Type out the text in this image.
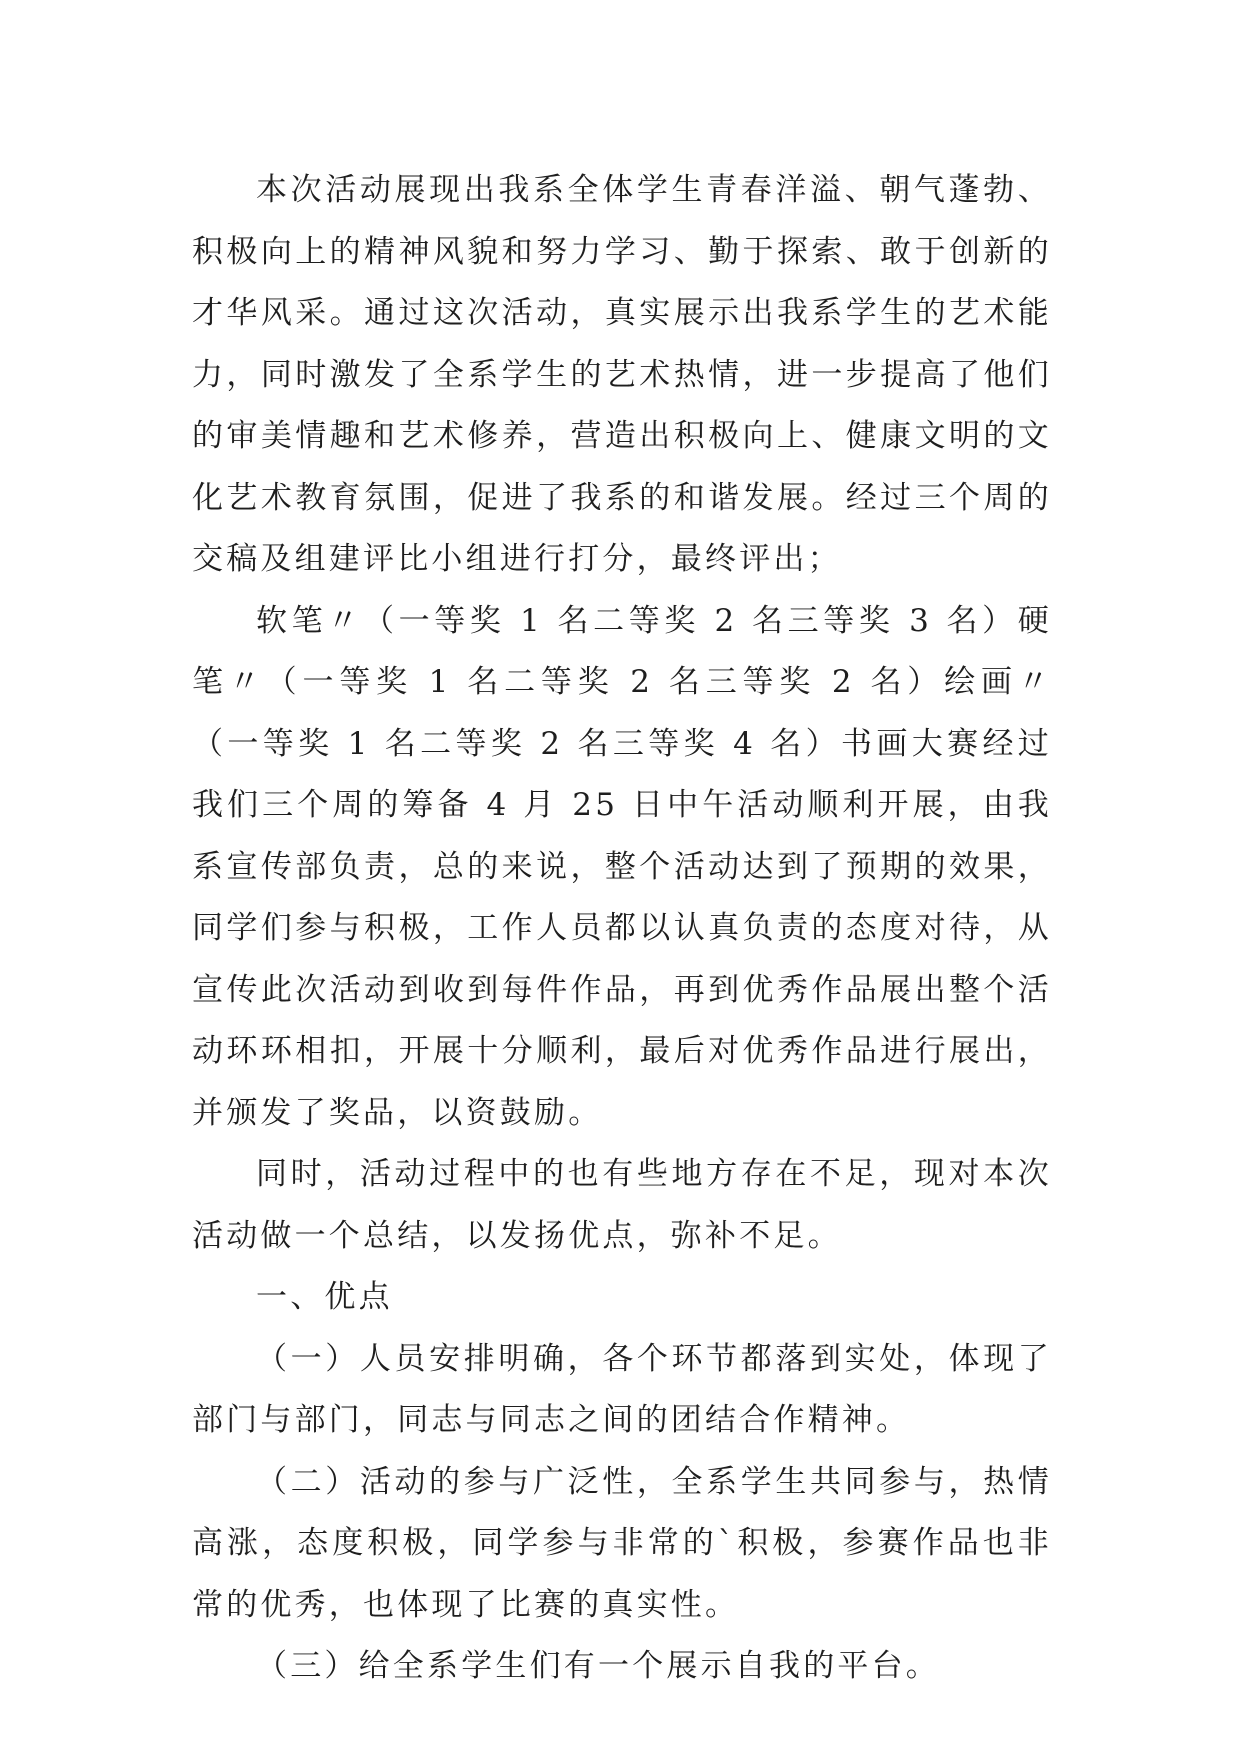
本次活动展现出我系全体学生青春洋溢、朝气蓬勃、积极向上的精神风貌和努力学习、勤于探索、敢于创新的才华风采。通过这次活动，真实展示出我系学生的艺术能力，同时激发了全系学生的艺术热情，进一步提高了他们的审美情趣和艺术修养，营造出积极向上、健康文明的文化艺术教育氛围，促进了我系的和谐发展。经过三个周的交稿及组建评比小组进行打分，最终评出；

软笔〃（一等奖 1 名二等奖 2 名三等奖 3 名）硬笔〃（一等奖 1 名二等奖 2 名三等奖 2 名）绘画〃（一等奖 1 名二等奖 2 名三等奖 4 名）书画大赛经过我们三个周的筹备 4 月 25 日中午活动顺利开展，由我系宣传部负责，总的来说，整个活动达到了预期的效果，同学们参与积极，工作人员都以认真负责的态度对待，从宣传此次活动到收到每件作品，再到优秀作品展出整个活动环环相扣，开展十分顺利，最后对优秀作品进行展出，并颁发了奖品，以资鼓励。

同时，活动过程中的也有些地方存在不足，现对本次活动做一个总结，以发扬优点，弥补不足。

一、优点

（一）人员安排明确，各个环节都落到实处，体现了部门与部门，同志与同志之间的团结合作精神。

（二）活动的参与广泛性，全系学生共同参与，热情高涨，态度积极，同学参与非常的`积极，参赛作品也非常的优秀，也体现了比赛的真实性。

（三）给全系学生们有一个展示自我的平台。
